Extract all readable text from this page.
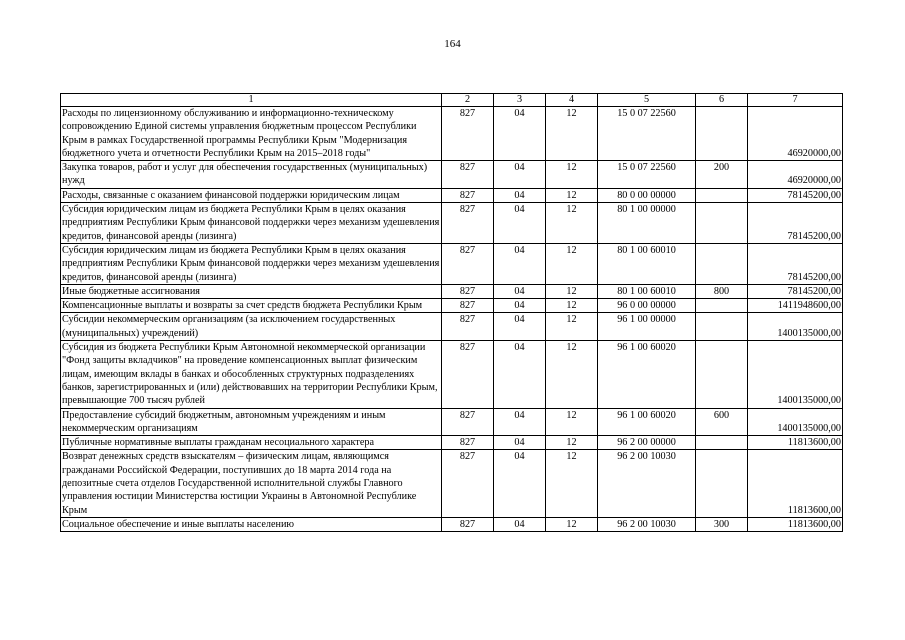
164
1	2	3	4	5	6	7
Расходы по лицензионному обслуживанию и информационно-техническому сопровождению Единой системы управления бюджетным процессом Республики Крым в рамках Государственной программы Республики Крым "Модернизация бюджетного учета и отчетности Республики Крым на 2015–2018 годы"	827	04	12	15 0 07 22560		46920000,00
Закупка товаров, работ и услуг для обеспечения государственных (муниципальных) нужд	827	04	12	15 0 07 22560	200	46920000,00
Расходы, связанные с оказанием финансовой поддержки юридическим лицам	827	04	12	80 0 00 00000		78145200,00
Субсидия юридическим лицам из бюджета Республики Крым в целях оказания предприятиям Республики Крым финансовой поддержки через механизм удешевления кредитов, финансовой аренды (лизинга)	827	04	12	80 1 00 00000		78145200,00
Субсидия юридическим лицам из бюджета Республики Крым в целях оказания предприятиям Республики Крым финансовой поддержки через механизм удешевления кредитов, финансовой аренды (лизинга)	827	04	12	80 1 00 60010		78145200,00
Иные бюджетные ассигнования	827	04	12	80 1 00 60010	800	78145200,00
Компенсационные выплаты и возвраты за счет средств бюджета Республики Крым	827	04	12	96 0 00 00000		1411948600,00
Субсидии некоммерческим организациям (за исключением государственных (муниципальных) учреждений)	827	04	12	96 1 00 00000		1400135000,00
Субсидия из бюджета Республики Крым Автономной некоммерческой организации "Фонд защиты вкладчиков" на проведение компенсационных выплат физическим лицам, имеющим вклады в банках и обособленных структурных подразделениях банков, зарегистрированных и (или) действовавших на территории Республики Крым, превышающие 700 тысяч рублей	827	04	12	96 1 00 60020		1400135000,00
Предоставление субсидий бюджетным, автономным учреждениям и иным некоммерческим организациям	827	04	12	96 1 00 60020	600	1400135000,00
Публичные нормативные выплаты гражданам несоциального характера	827	04	12	96 2 00 00000		11813600,00
Возврат денежных средств взыскателям – физическим лицам, являющимся гражданами Российской Федерации, поступивших до 18 марта 2014 года на депозитные счета отделов Государственной исполнительной службы Главного управления юстиции Министерства юстиции Украины в Автономной Республике Крым	827	04	12	96 2 00 10030		11813600,00
Социальное обеспечение и иные выплаты населению	827	04	12	96 2 00 10030	300	11813600,00
